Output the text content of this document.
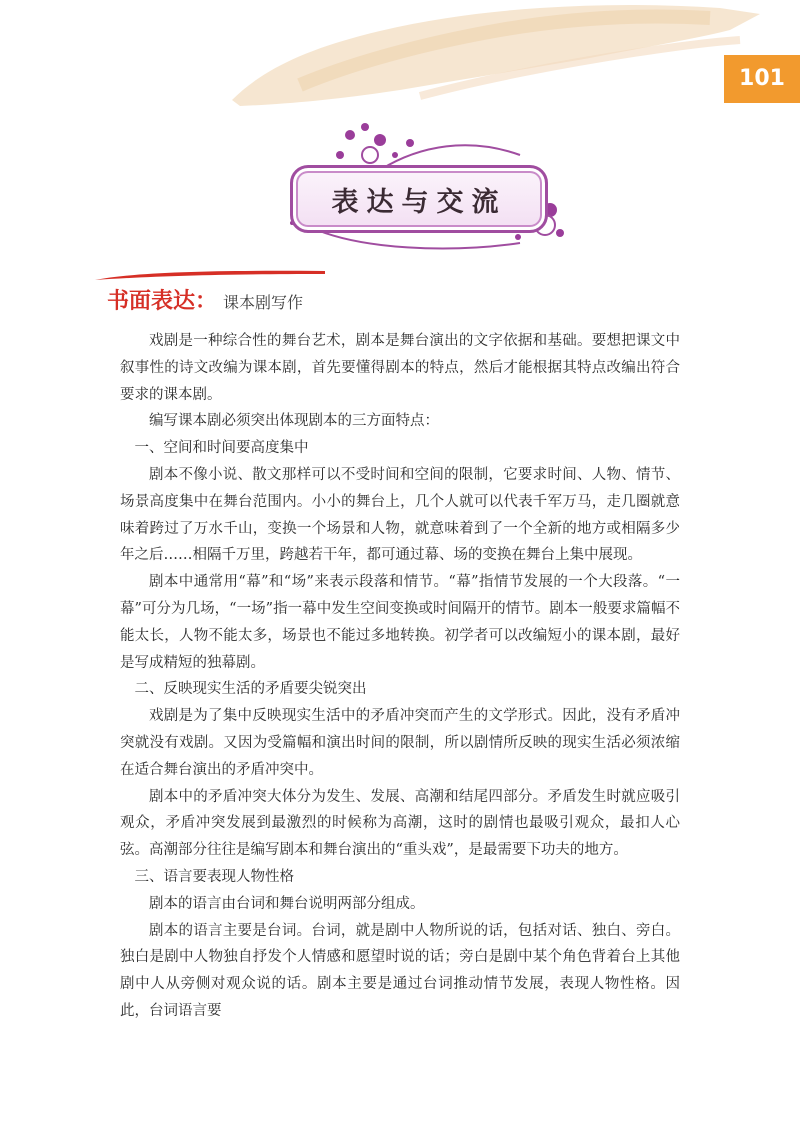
101
表达与交流
书面表达： 课本剧写作

戏剧是一种综合性的舞台艺术，剧本是舞台演出的文字依据和基础。要想把课文中叙事性的诗文改编为课本剧，首先要懂得剧本的特点，然后才能根据其特点改编出符合要求的课本剧。

编写课本剧必须突出体现剧本的三方面特点：

一、空间和时间要高度集中

剧本不像小说、散文那样可以不受时间和空间的限制，它要求时间、人物、情节、场景高度集中在舞台范围内。小小的舞台上，几个人就可以代表千军万马，走几圈就意味着跨过了万水千山，变换一个场景和人物，就意味着到了一个全新的地方或相隔多少年之后……相隔千万里，跨越若干年，都可通过幕、场的变换在舞台上集中展现。

剧本中通常用“幕”和“场”来表示段落和情节。“幕”指情节发展的一个大段落。“一幕”可分为几场，“一场”指一幕中发生空间变换或时间隔开的情节。剧本一般要求篇幅不能太长，人物不能太多，场景也不能过多地转换。初学者可以改编短小的课本剧，最好是写成精短的独幕剧。

二、反映现实生活的矛盾要尖锐突出

戏剧是为了集中反映现实生活中的矛盾冲突而产生的文学形式。因此，没有矛盾冲突就没有戏剧。又因为受篇幅和演出时间的限制，所以剧情所反映的现实生活必须浓缩在适合舞台演出的矛盾冲突中。

剧本中的矛盾冲突大体分为发生、发展、高潮和结尾四部分。矛盾发生时就应吸引观众，矛盾冲突发展到最激烈的时候称为高潮，这时的剧情也最吸引观众，最扣人心弦。高潮部分往往是编写剧本和舞台演出的“重头戏”，是最需要下功夫的地方。

三、语言要表现人物性格

剧本的语言由台词和舞台说明两部分组成。

剧本的语言主要是台词。台词，就是剧中人物所说的话，包括对话、独白、旁白。独白是剧中人物独自抒发个人情感和愿望时说的话；旁白是剧中某个角色背着台上其他剧中人从旁侧对观众说的话。剧本主要是通过台词推动情节发展，表现人物性格。因此，台词语言要
